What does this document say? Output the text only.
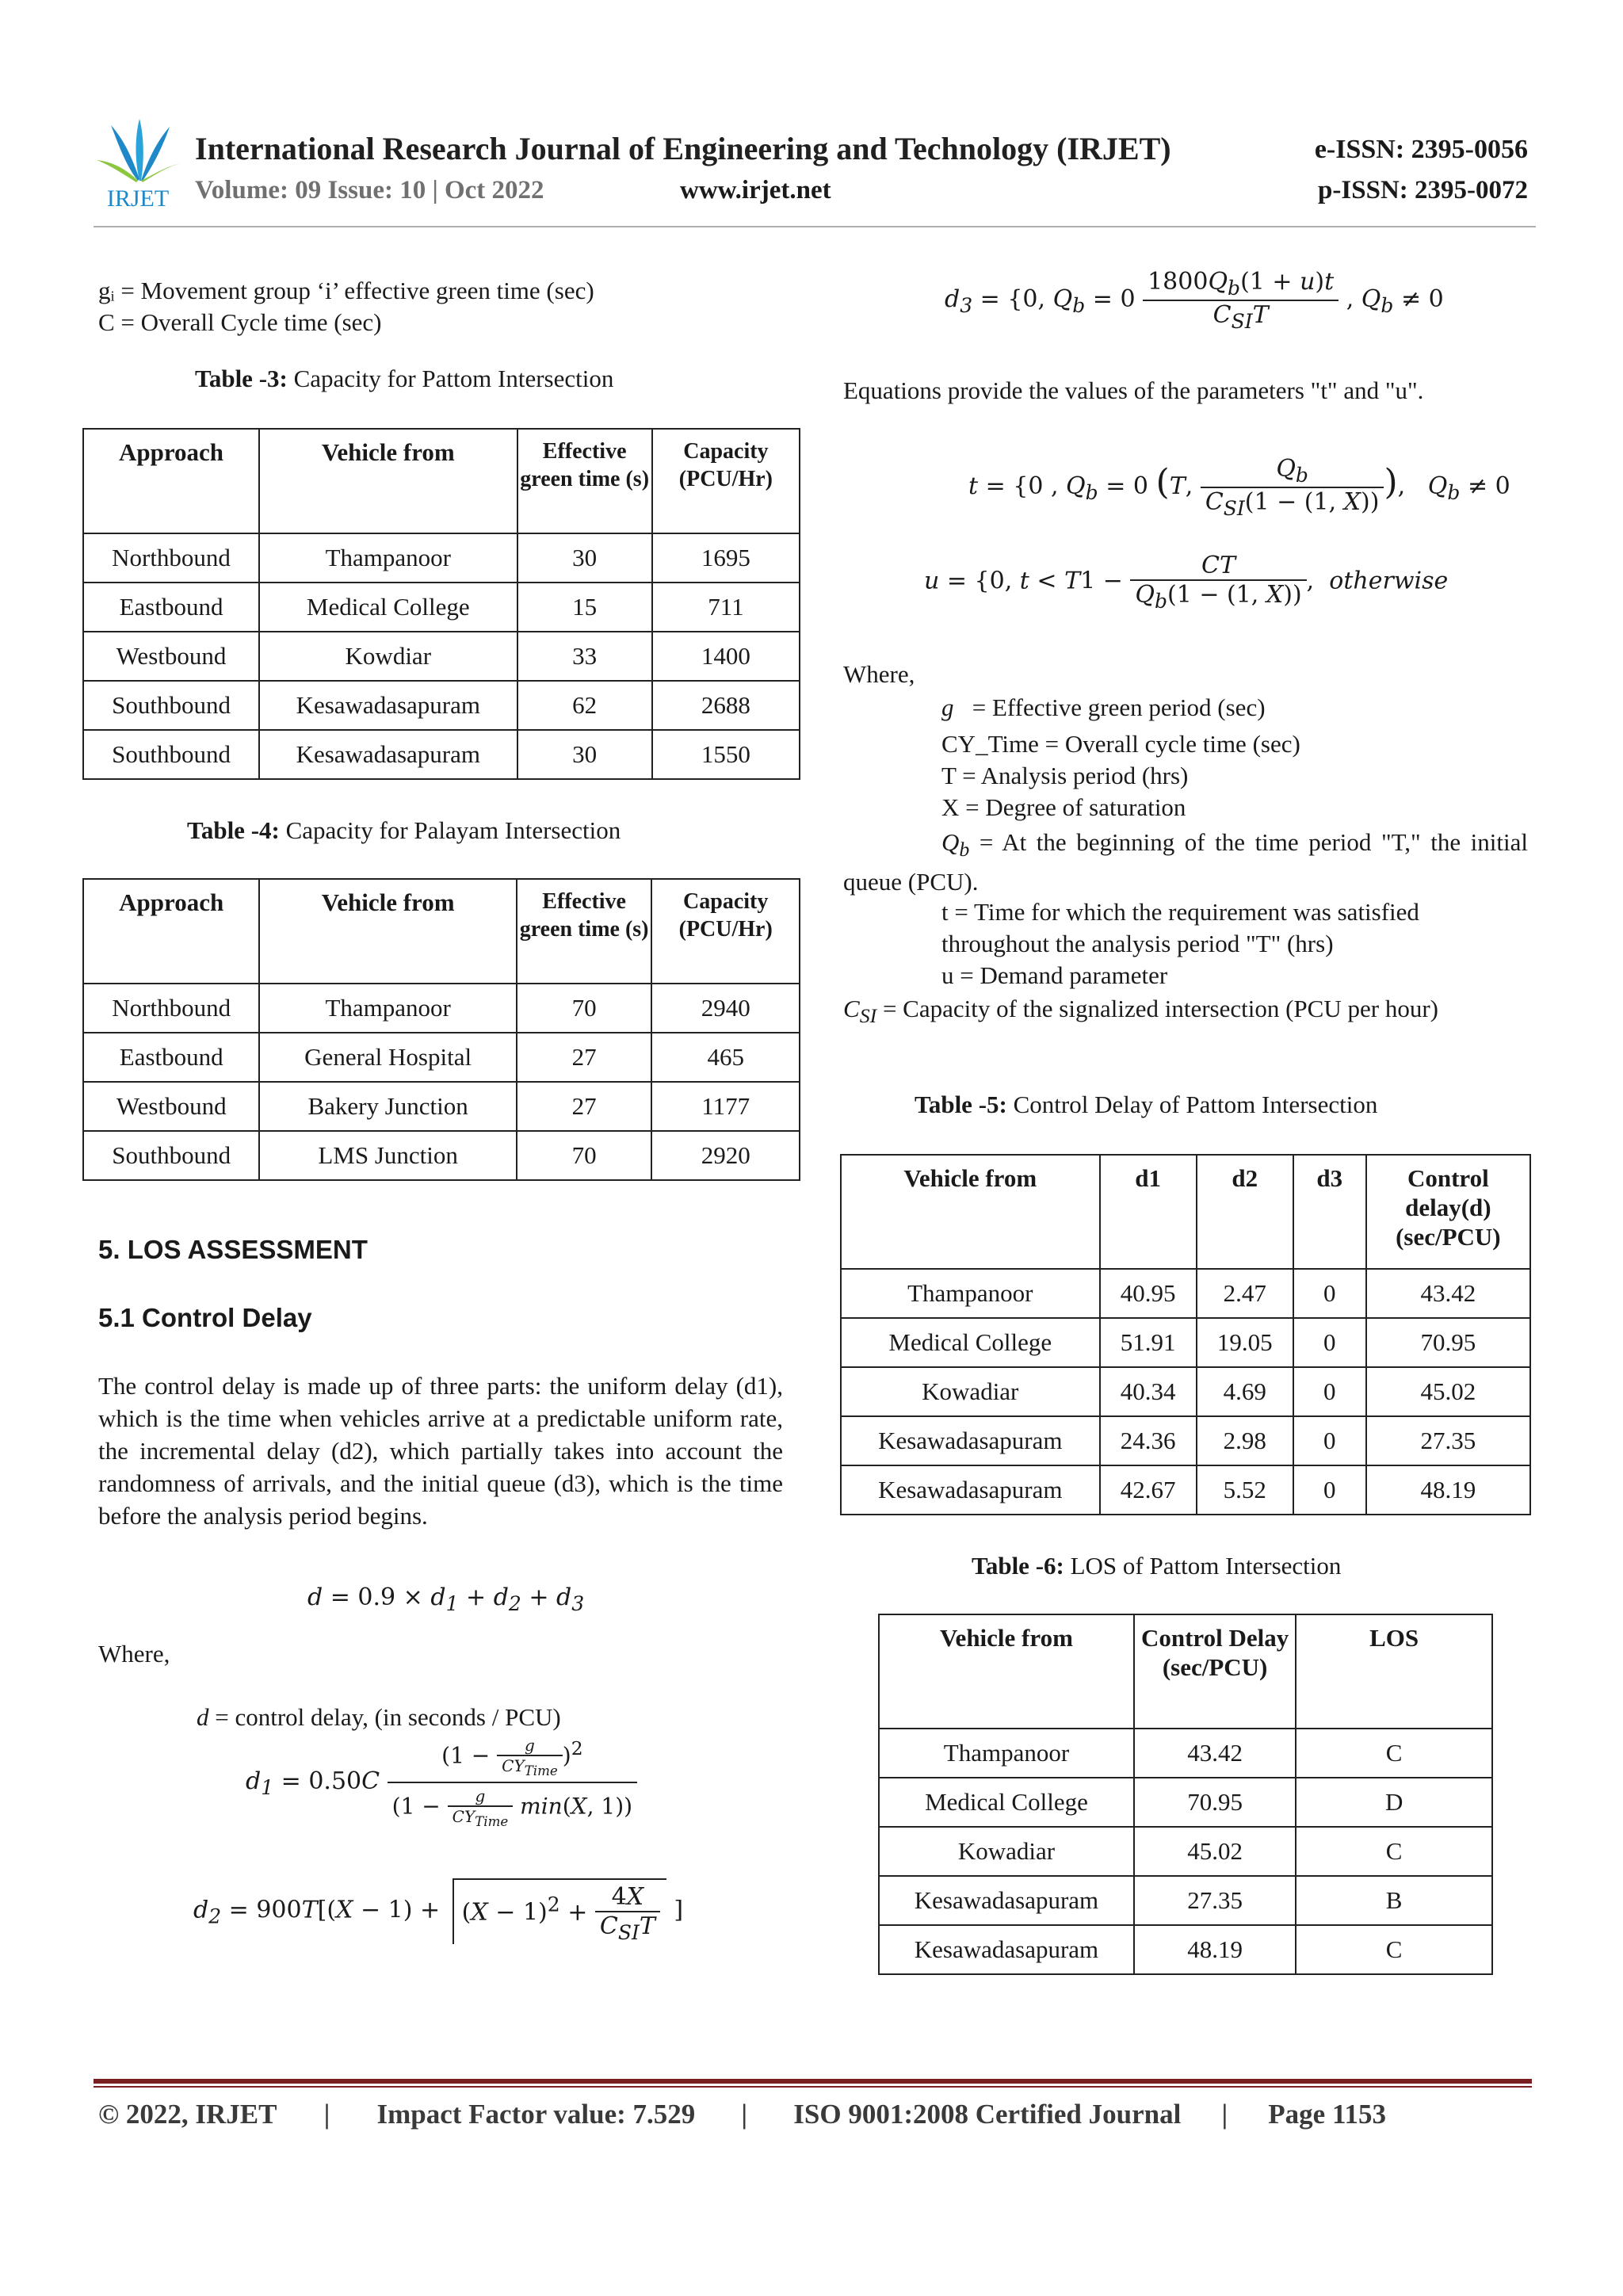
IRJET
International Research Journal of Engineering and Technology (IRJET)	e-ISSN: 2395-0056
Volume: 09 Issue: 10 | Oct 2022	www.irjet.net	p-ISSN: 2395-0072
gᵢ = Movement group ‘i’ effective green time (sec)
C = Overall Cycle time (sec)
Table -3: Capacity for Pattom Intersection
Approach	Vehicle from	Effective green time (s)	Capacity (PCU/Hr)
Northbound	Thampanoor	30	1695
Eastbound	Medical College	15	711
Westbound	Kowdiar	33	1400
Southbound	Kesawadasapuram	62	2688
Southbound	Kesawadasapuram	30	1550
Table -4: Capacity for Palayam Intersection
Approach	Vehicle from	Effective green time (s)	Capacity (PCU/Hr)
Northbound	Thampanoor	70	2940
Eastbound	General Hospital	27	465
Westbound	Bakery Junction	27	1177
Southbound	LMS Junction	70	2920
5. LOS ASSESSMENT
5.1 Control Delay
The control delay is made up of three parts: the uniform delay (d1), which is the time when vehicles arrive at a predictable uniform rate, the incremental delay (d2), which partially takes into account the randomness of arrivals, and the initial queue (d3), which is the time before the analysis period begins.
$d = 0.9 \times d_1 + d_2 + d_3$
Where,
d = control delay, (in seconds / PCU)
$d_1 = 0.50C \frac{(1 - \frac{g}{CY_{Time}} )^2}{(1 - \frac{g}{CY_{Time}} \min(X, 1))}$
$d_2 = 900T[(X - 1) + (X - 1)^2 + \frac{4X}{C_{SI}T}$ ]
$d_3 = \{0$, $Q_b = 0 \frac{1800Q_b(1 + u)t}{C_{SI}T}$ , $Q_b \ne 0$
Equations provide the values of the parameters "t" and "u".
t = {0 , $Q_b = 0$ (T, $\frac{Q_b}{C_{SI}(1 - (1, X))}$ ),   $Q_b \ne 0$
u = {0, $t < T1 - \frac{CT}{Q_b(1 - (1, X))}$ ,  otherwise
Where,
g = Effective green period (sec)
CY_Time = Overall cycle time (sec)
T = Analysis period (hrs)
X = Degree of saturation
$Q_b = At$ the beginning of the time period "T," the initial queue (PCU).
t = Time for which the requirement was satisfied
throughout the analysis period "T" (hrs)
u = Demand parameter
$C_{SI}$ = Capacity of the signalized intersection (PCU per hour)
Table -5: Control Delay of Pattom Intersection
Vehicle from	d1	d2	d3	Control delay(d) (sec/PCU)
Thampanoor	40.95	2.47	0	43.42
Medical College	51.91	19.05	0	70.95
Kowadiar	40.34	4.69	0	45.02
Kesawadasapuram	24.36	2.98	0	27.35
Kesawadasapuram	42.67	5.52	0	48.19
Table -6: LOS of Pattom Intersection
Vehicle from	Control Delay (sec/PCU)	LOS
Thampanoor	43.42	C
Medical College	70.95	D
Kowadiar	45.02	C
Kesawadasapuram	27.35	B
Kesawadasapuram	48.19	C
© 2022, IRJET | Impact Factor value: 7.529 | ISO 9001:2008 Certified Journal | Page 1153
